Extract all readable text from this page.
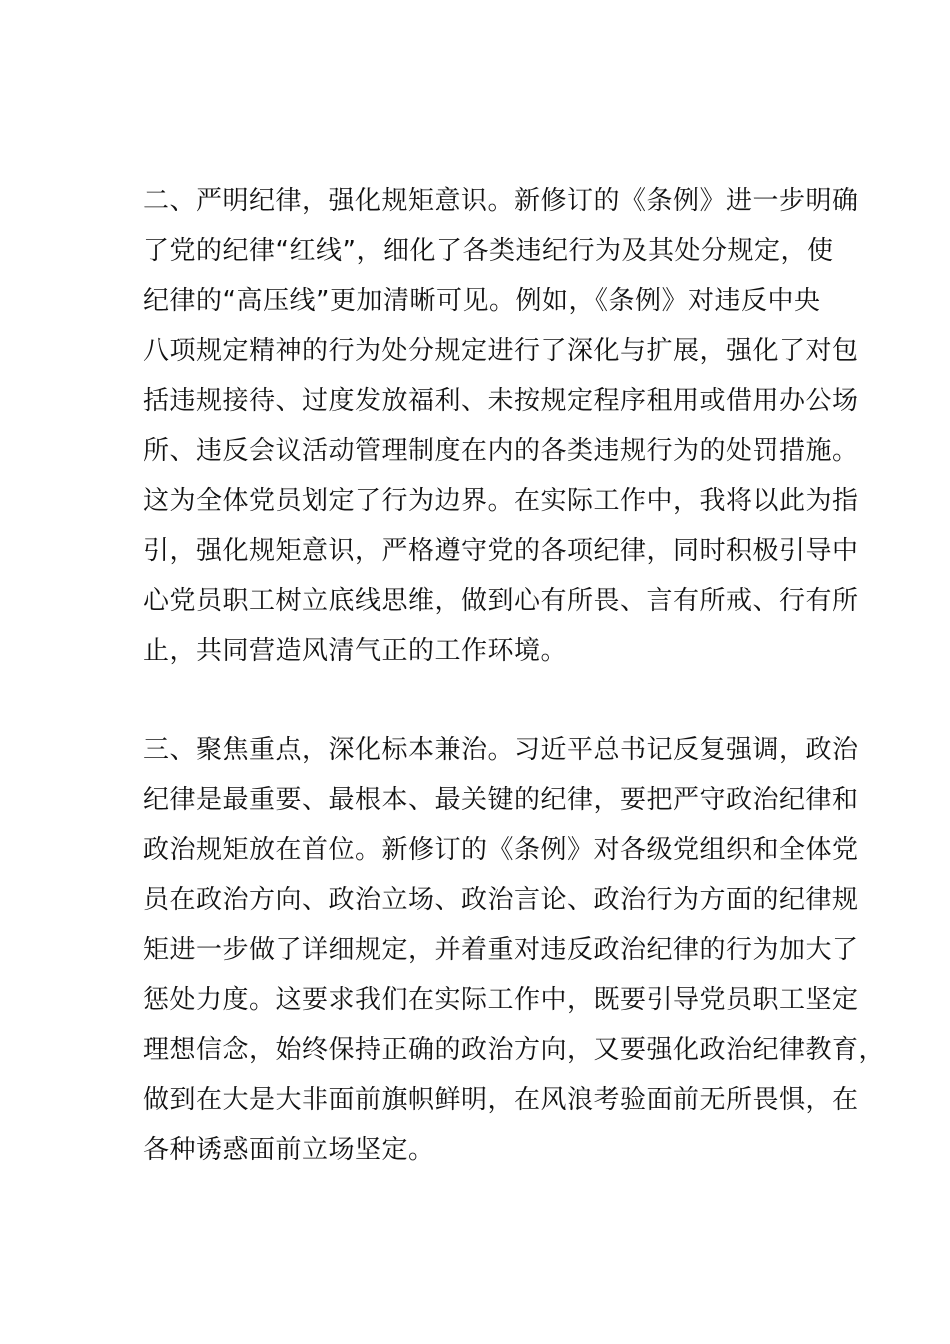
二、严明纪律，强化规矩意识。新修订的《条例》进一步明确
了党的纪律“红线”，细化了各类违纪行为及其处分规定，使
纪律的“高压线”更加清晰可见。例如，《条例》对违反中央
八项规定精神的行为处分规定进行了深化与扩展，强化了对包
括违规接待、过度发放福利、未按规定程序租用或借用办公场
所、违反会议活动管理制度在内的各类违规行为的处罚措施。
这为全体党员划定了行为边界。在实际工作中，我将以此为指
引，强化规矩意识，严格遵守党的各项纪律，同时积极引导中
心党员职工树立底线思维，做到心有所畏、言有所戒、行有所
止，共同营造风清气正的工作环境。

三、聚焦重点，深化标本兼治。习近平总书记反复强调，政治
纪律是最重要、最根本、最关键的纪律，要把严守政治纪律和
政治规矩放在首位。新修订的《条例》对各级党组织和全体党
员在政治方向、政治立场、政治言论、政治行为方面的纪律规
矩进一步做了详细规定，并着重对违反政治纪律的行为加大了
惩处力度。这要求我们在实际工作中，既要引导党员职工坚定
理想信念，始终保持正确的政治方向，又要强化政治纪律教育，
做到在大是大非面前旗帜鲜明，在风浪考验面前无所畏惧，在
各种诱惑面前立场坚定。
